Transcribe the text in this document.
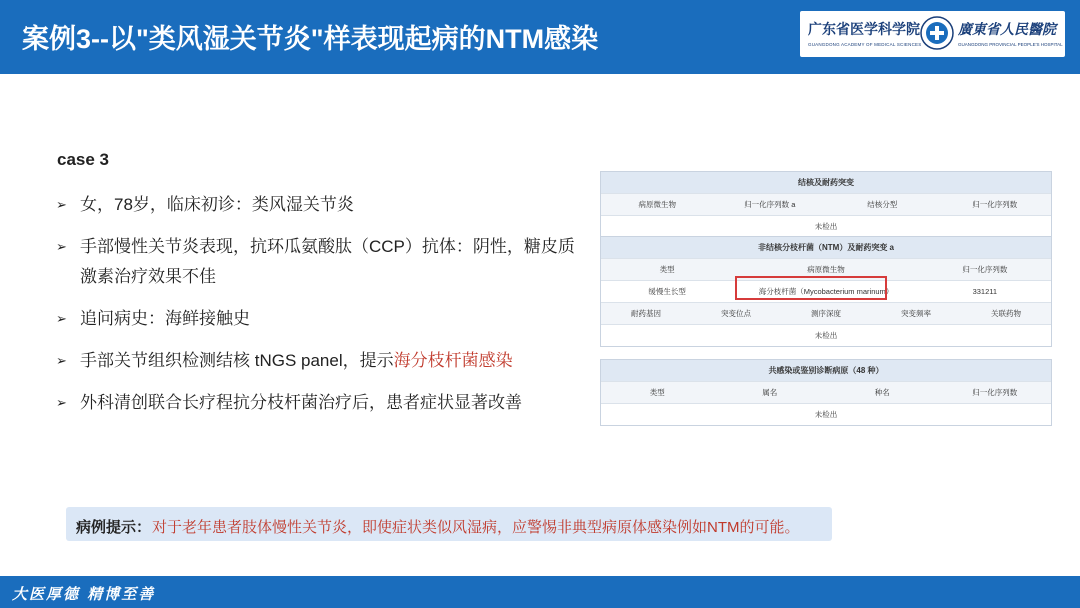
案例3--以"类风湿关节炎"样表现起病的NTM感染	广东省医学科学院
GUANGDONG ACADEMY OF MEDICAL SCIENCES
廣東省人民醫院
GUANGDONG PROVINCIAL PEOPLE'S HOSPITAL
case 3
➢ 女，78岁，临床初诊：类风湿关节炎
➢ 手部慢性关节炎表现，抗环瓜氨酸肽（CCP）抗体：阴性，糖皮质激素治疗效果不佳
➢ 追问病史：海鲜接触史
➢ 手部关节组织检测结核 tNGS panel，提示海分枝杆菌感染
➢ 外科清创联合长疗程抗分枝杆菌治疗后，患者症状显著改善
结核及耐药突变
病原微生物	归一化序列数 a	结核分型	归一化序列数
未检出
非结核分枝杆菌（NTM）及耐药突变 a
类型	病原微生物	归一化序列数
缓慢生长型	海分枝杆菌（Mycobacterium marinum）	331211
耐药基因	突变位点	测序深度	突变频率	关联药物
未检出
共感染或鉴别诊断病原（48 种）
类型	属名	种名	归一化序列数
未检出
病例提示： 对于老年患者肢体慢性关节炎，即使症状类似风湿病，应警惕非典型病原体感染例如NTM的可能。
大医厚德 精博至善
